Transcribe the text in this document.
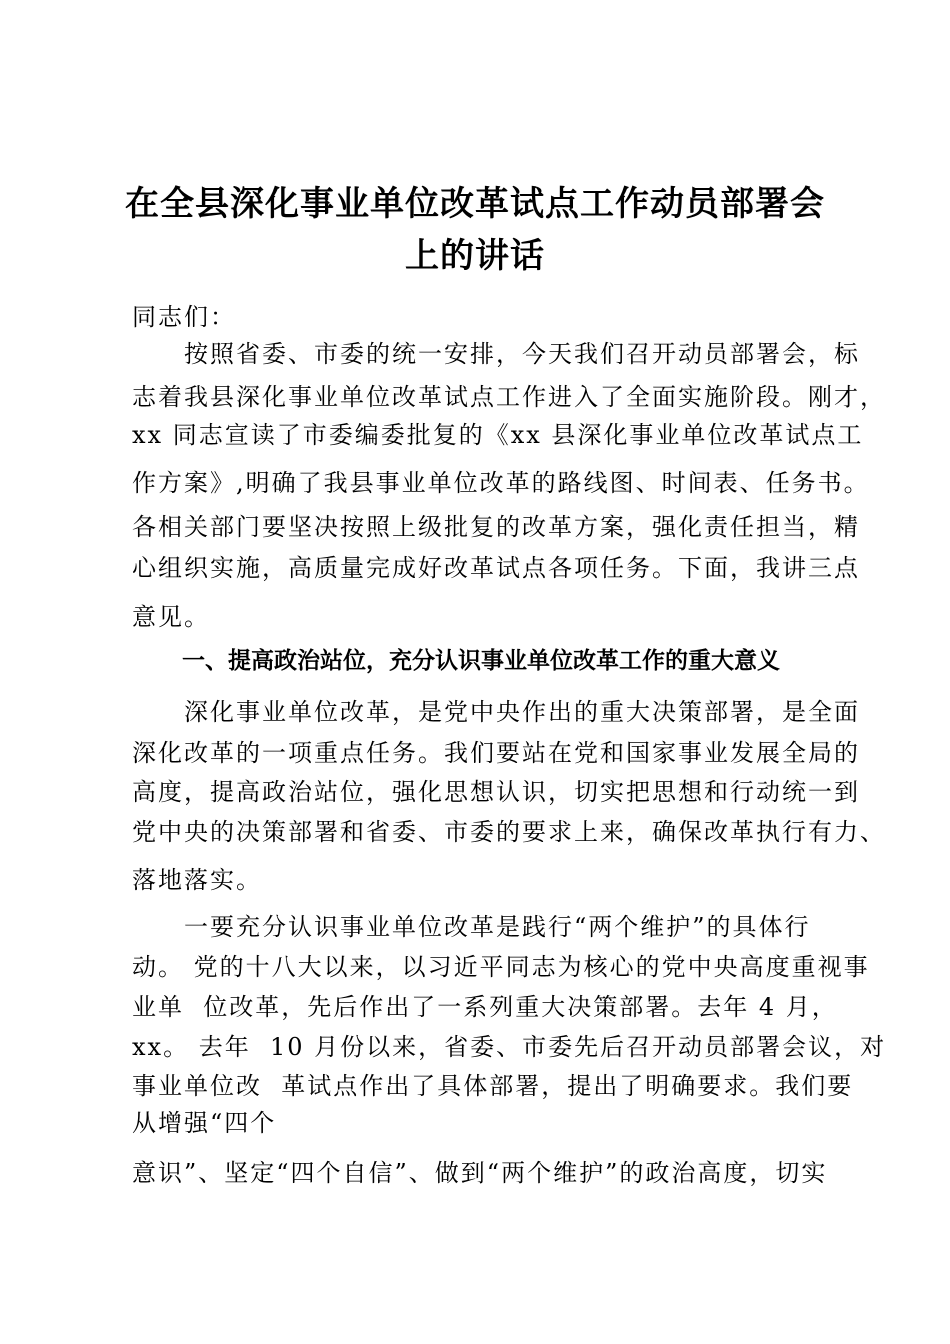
在全县深化事业单位改革试点工作动员部署会
上的讲话

同志们：

　　按照省委、市委的统一安排，今天我们召开动员部署会，标

志着我县深化事业单位改革试点工作进入了全面实施阶段。刚才，

xx 同志宣读了市委编委批复的《xx 县深化事业单位改革试点工

作方案》,明确了我县事业单位改革的路线图、时间表、任务书。

各相关部门要坚决按照上级批复的改革方案，强化责任担当，精

心组织实施，高质量完成好改革试点各项任务。下面，我讲三点

意见。

一、提高政治站位，充分认识事业单位改革工作的重大意义

　　深化事业单位改革，是党中央作出的重大决策部署，是全面

深化改革的一项重点任务。我们要站在党和国家事业发展全局的

高度，提高政治站位，强化思想认识，切实把思想和行动统一到

党中央的决策部署和省委、市委的要求上来，确保改革执行有力、

落地落实。

　　一要充分认识事业单位改革是践行“两个维护”的具体行

动。 党的十八大以来，以习近平同志为核心的党中央高度重视事

业单  位改革，先后作出了一系列重大决策部署。去年 4 月，

xx。 去年  10 月份以来，省委、市委先后召开动员部署会议，对

事业单位改  革试点作出了具体部署，提出了明确要求。我们要

从增强“四个

意识”、坚定“四个自信”、做到“两个维护”的政治高度，切实
